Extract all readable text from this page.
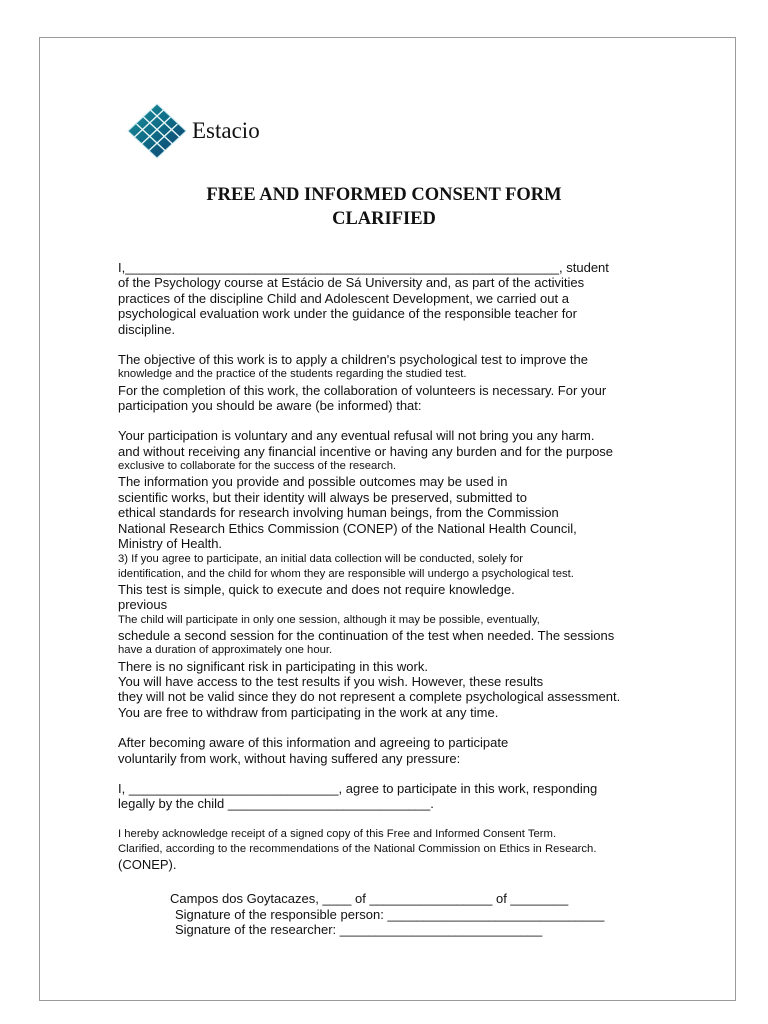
Estacio
FREE AND INFORMED CONSENT FORM
CLARIFIED
I,____________________________________________________________, student
of the Psychology course at Estácio de Sá University and, as part of the activities
practices of the discipline Child and Adolescent Development, we carried out a
psychological evaluation work under the guidance of the responsible teacher for
discipline.
The objective of this work is to apply a children's psychological test to improve the
knowledge and the practice of the students regarding the studied test.
For the completion of this work, the collaboration of volunteers is necessary. For your
participation you should be aware (be informed) that:
Your participation is voluntary and any eventual refusal will not bring you any harm.
and without receiving any financial incentive or having any burden and for the purpose
exclusive to collaborate for the success of the research.
The information you provide and possible outcomes may be used in
scientific works, but their identity will always be preserved, submitted to
ethical standards for research involving human beings, from the Commission
National Research Ethics Commission (CONEP) of the National Health Council,
Ministry of Health.
3) If you agree to participate, an initial data collection will be conducted, solely for
identification, and the child for whom they are responsible will undergo a psychological test.
This test is simple, quick to execute and does not require knowledge.
previous
The child will participate in only one session, although it may be possible, eventually,
schedule a second session for the continuation of the test when needed. The sessions
have a duration of approximately one hour.
There is no significant risk in participating in this work.
You will have access to the test results if you wish. However, these results
they will not be valid since they do not represent a complete psychological assessment.
You are free to withdraw from participating in the work at any time.
After becoming aware of this information and agreeing to participate
voluntarily from work, without having suffered any pressure:
I, _____________________________, agree to participate in this work, responding
legally by the child ____________________________.
I hereby acknowledge receipt of a signed copy of this Free and Informed Consent Term.
Clarified, according to the recommendations of the National Commission on Ethics in Research.
(CONEP).
Campos dos Goytacazes, ____ of _________________ of ________
Signature of the responsible person: ______________________________
Signature of the researcher: ____________________________
